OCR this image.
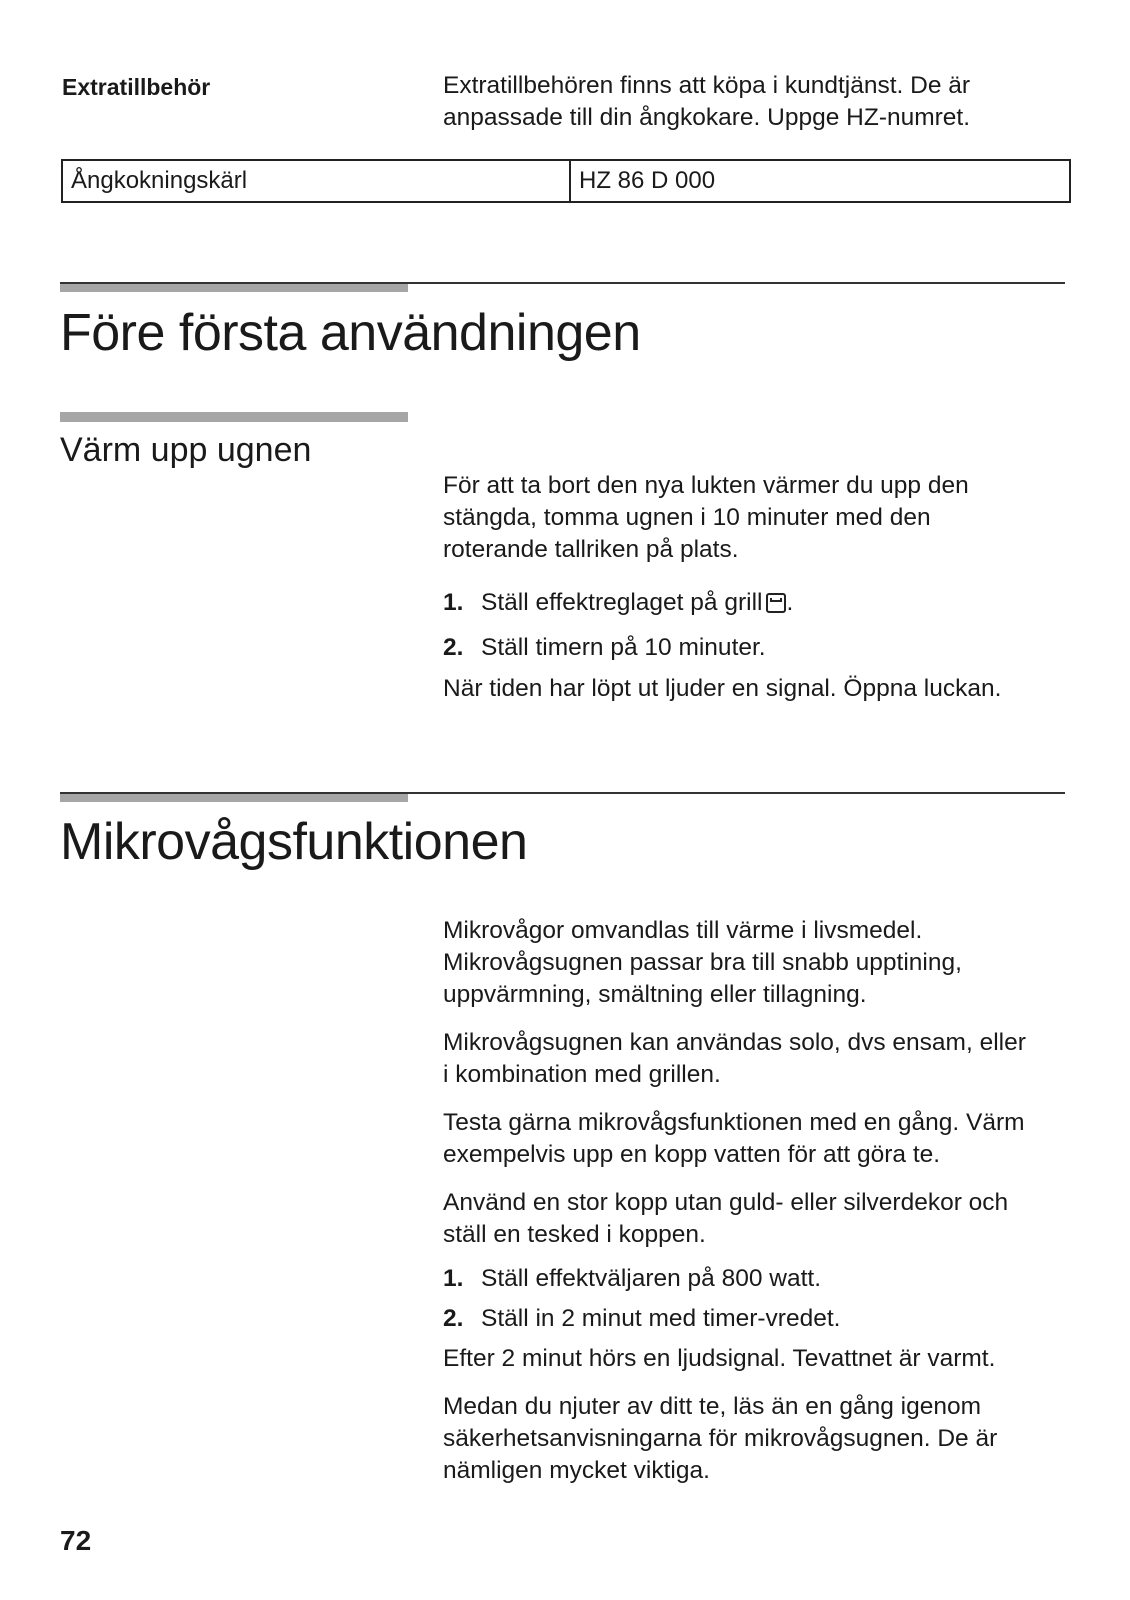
Extratillbehör	Extratillbehören finns att köpa i kundtjänst. De är

anpassade till din ångkokare. Uppge HZ-numret.

Ångkokningskärl	HZ 86 D 000
Före första användningen
Värm upp ugnen

För att ta bort den nya lukten värmer du upp den

stängda, tomma ugnen i 10 minuter med den

roterande tallriken på plats.

1. Ställ effektreglaget på grill .
2. Ställ timern på 10 minuter.

När tiden har löpt ut ljuder en signal. Öppna luckan.

Mikrovågsfunktionen

Mikrovågor omvandlas till värme i livsmedel.

Mikrovågsugnen passar bra till snabb upptining,

uppvärmning, smältning eller tillagning.

Mikrovågsugnen kan användas solo, dvs ensam, eller

i kombination med grillen.

Testa gärna mikrovågsfunktionen med en gång. Värm

exempelvis upp en kopp vatten för att göra te.

Använd en stor kopp utan guld- eller silverdekor och

ställ en tesked i koppen.

1. Ställ effektväljaren på 800 watt.
2. Ställ in 2 minut med timer-vredet.

Efter 2 minut hörs en ljudsignal. Tevattnet är varmt.

Medan du njuter av ditt te, läs än en gång igenom

säkerhetsanvisningarna för mikrovågsugnen. De är

nämligen mycket viktiga.

72
